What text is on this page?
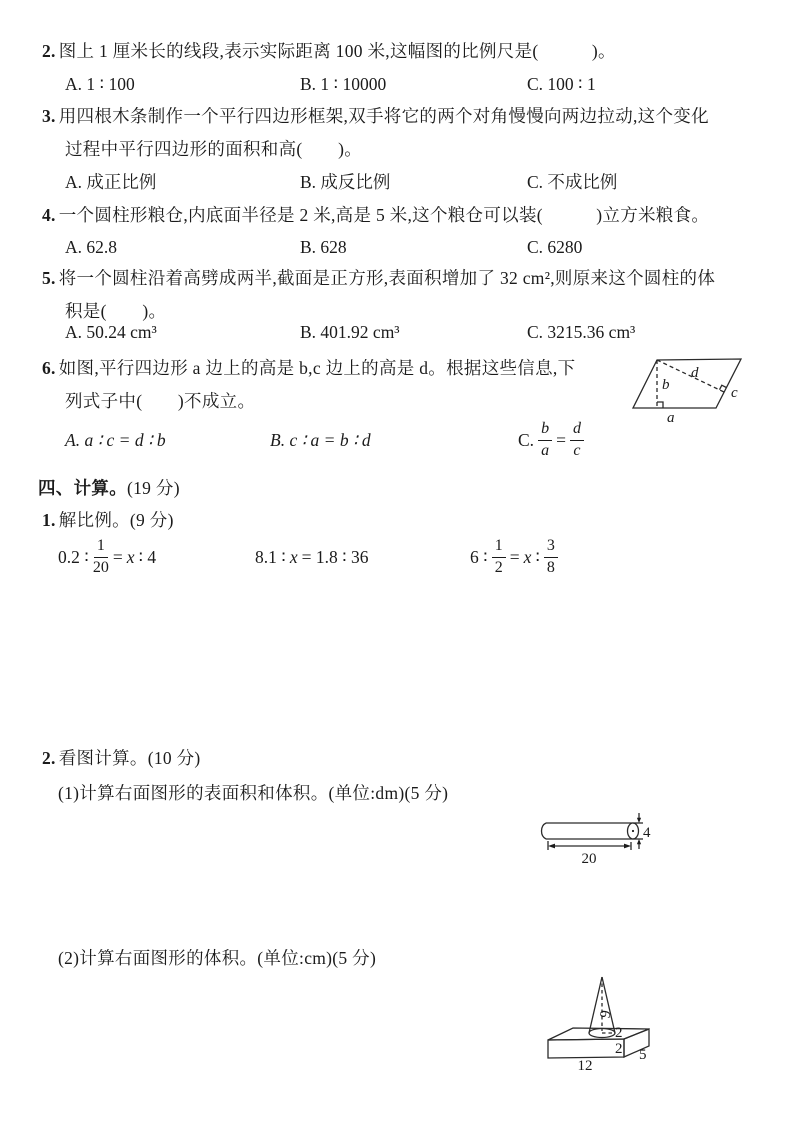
2. 图上 1 厘米长的线段,表示实际距离 100 米,这幅图的比例尺是(　　　)。
A. 1 ∶ 100	B. 1 ∶ 10000	C. 100 ∶ 1
3. 用四根木条制作一个平行四边形框架,双手将它的两个对角慢慢向两边拉动,这个变化
过程中平行四边形的面积和高(　　)。
A. 成正比例	B. 成反比例	C. 不成比例
4. 一个圆柱形粮仓,内底面半径是 2 米,高是 5 米,这个粮仓可以装(　　　)立方米粮食。
A. 62.8	B. 628	C. 6280
5. 将一个圆柱沿着高劈成两半,截面是正方形,表面积增加了 32 cm²,则原来这个圆柱的体
积是(　　)。
A. 50.24 cm³	B. 401.92 cm³	C. 3215.36 cm³
6. 如图,平行四边形 a 边上的高是 b,c 边上的高是 d。根据这些信息,下
列式子中(　　)不成立。
A. a ∶ c = d ∶ b	B. c ∶ a = b ∶ d	C. $\frac{b}{a} = \frac{d}{c}$
a
b	c
d
四、计算。(19 分)
1. 解比例。(9 分)
0.2 ∶ $\frac{1}{20} = x$ ∶ 4	8.1 ∶ x = 1.8 ∶ 36	6 ∶ $\frac{1}{2} = x$ ∶ $\frac{3}{8}$
2. 看图计算。(10 分)
(1)计算右面图形的表面积和体积。(单位:dm)(5 分)
20
4
(2)计算右面图形的体积。(单位:cm)(5 分)
9
2
2
12
5
